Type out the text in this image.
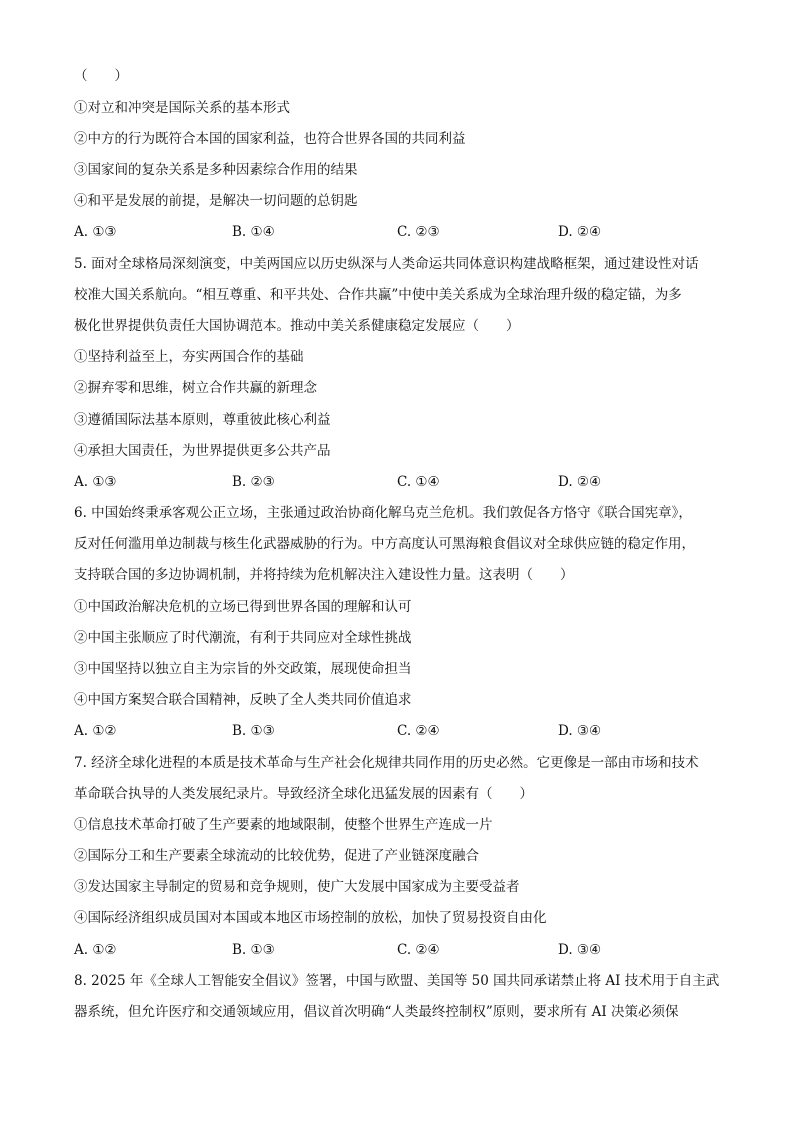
（　　）
①对立和冲突是国际关系的基本形式
②中方的行为既符合本国的国家利益，也符合世界各国的共同利益
③国家间的复杂关系是多种因素综合作用的结果
④和平是发展的前提，是解决一切问题的总钥匙
A. ①③	B. ①④	C. ②③	D. ②④
5. 面对全球格局深刻演变，中美两国应以历史纵深与人类命运共同体意识构建战略框架，通过建设性对话
校准大国关系航向。“相互尊重、和平共处、合作共赢”中使中美关系成为全球治理升级的稳定锚，为多
极化世界提供负责任大国协调范本。推动中美关系健康稳定发展应（　　）
①坚持利益至上，夯实两国合作的基础
②摒弃零和思维，树立合作共赢的新理念
③遵循国际法基本原则，尊重彼此核心利益
④承担大国责任，为世界提供更多公共产品
A. ①③	B. ②③	C. ①④	D. ②④
6. 中国始终秉承客观公正立场，主张通过政治协商化解乌克兰危机。我们敦促各方恪守《联合国宪章》，
反对任何滥用单边制裁与核生化武器威胁的行为。中方高度认可黑海粮食倡议对全球供应链的稳定作用，
支持联合国的多边协调机制，并将持续为危机解决注入建设性力量。这表明（　　）
①中国政治解决危机的立场已得到世界各国的理解和认可
②中国主张顺应了时代潮流，有利于共同应对全球性挑战
③中国坚持以独立自主为宗旨的外交政策，展现使命担当
④中国方案契合联合国精神，反映了全人类共同价值追求
A. ①②	B. ①③	C. ②④	D. ③④
7. 经济全球化进程的本质是技术革命与生产社会化规律共同作用的历史必然。它更像是一部由市场和技术
革命联合执导的人类发展纪录片。导致经济全球化迅猛发展的因素有（　　）
①信息技术革命打破了生产要素的地域限制，使整个世界生产连成一片
②国际分工和生产要素全球流动的比较优势，促进了产业链深度融合
③发达国家主导制定的贸易和竞争规则，使广大发展中国家成为主要受益者
④国际经济组织成员国对本国或本地区市场控制的放松，加快了贸易投资自由化
A. ①②	B. ①③	C. ②④	D. ③④
8. 2025 年《全球人工智能安全倡议》签署，中国与欧盟、美国等 50 国共同承诺禁止将 AI 技术用于自主武
器系统，但允许医疗和交通领域应用，倡议首次明确“人类最终控制权”原则，要求所有 AI 决策必须保
